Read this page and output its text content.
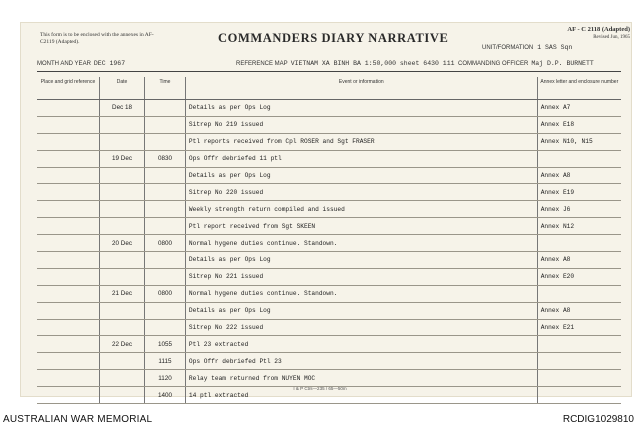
This form is to be enclosed with the annexes in AF-C2119 (Adapted).	COMMANDERS DIARY NARRATIVE
AF - C 2118 (Adapted)
Revised Jun, 1965
UNIT/FORMATION 1 SAS Sqn
MONTH AND YEAR DEC 1967	REFERENCE MAP VIETNAM XA BINH BA 1:50,000 sheet 6430 111 COMMANDING OFFICER Maj D.P. BURNETT
Place and grid reference	Date	Time	Event or information	Annex letter and enclosure number
	Dec 18		Details as per Ops Log	Annex A7
			Sitrep No 219 issued	Annex E18
			Ptl reports received from Cpl ROSER and Sgt FRASER	Annex N10, N15
	19 Dec	0830	Ops Offr debriefed 11 ptl	
			Details as per Ops Log	Annex A8
			Sitrep No 220 issued	Annex E19
			Weekly strength return compiled and issued	Annex J6
			Ptl report received from Sgt SKEEN	Annex N12
	20 Dec	0800	Normal hygene duties continue. Standown.	
			Details as per Ops Log	Annex A8
			Sitrep No 221 issued	Annex E20
	21 Dec	0800	Normal hygene duties continue. Standown.	
			Details as per Ops Log	Annex A8
			Sitrep No 222 issued	Annex E21
	22 Dec	1055	Ptl 23 extracted	
		1115	Ops Offr debriefed Ptl 23	
		1120	Relay team returned from NUYEN MOC	
		1400	14 ptl extracted	
I & P Ctrs—235 / 65—50m
AUSTRALIAN WAR MEMORIAL	RCDIG1029810
